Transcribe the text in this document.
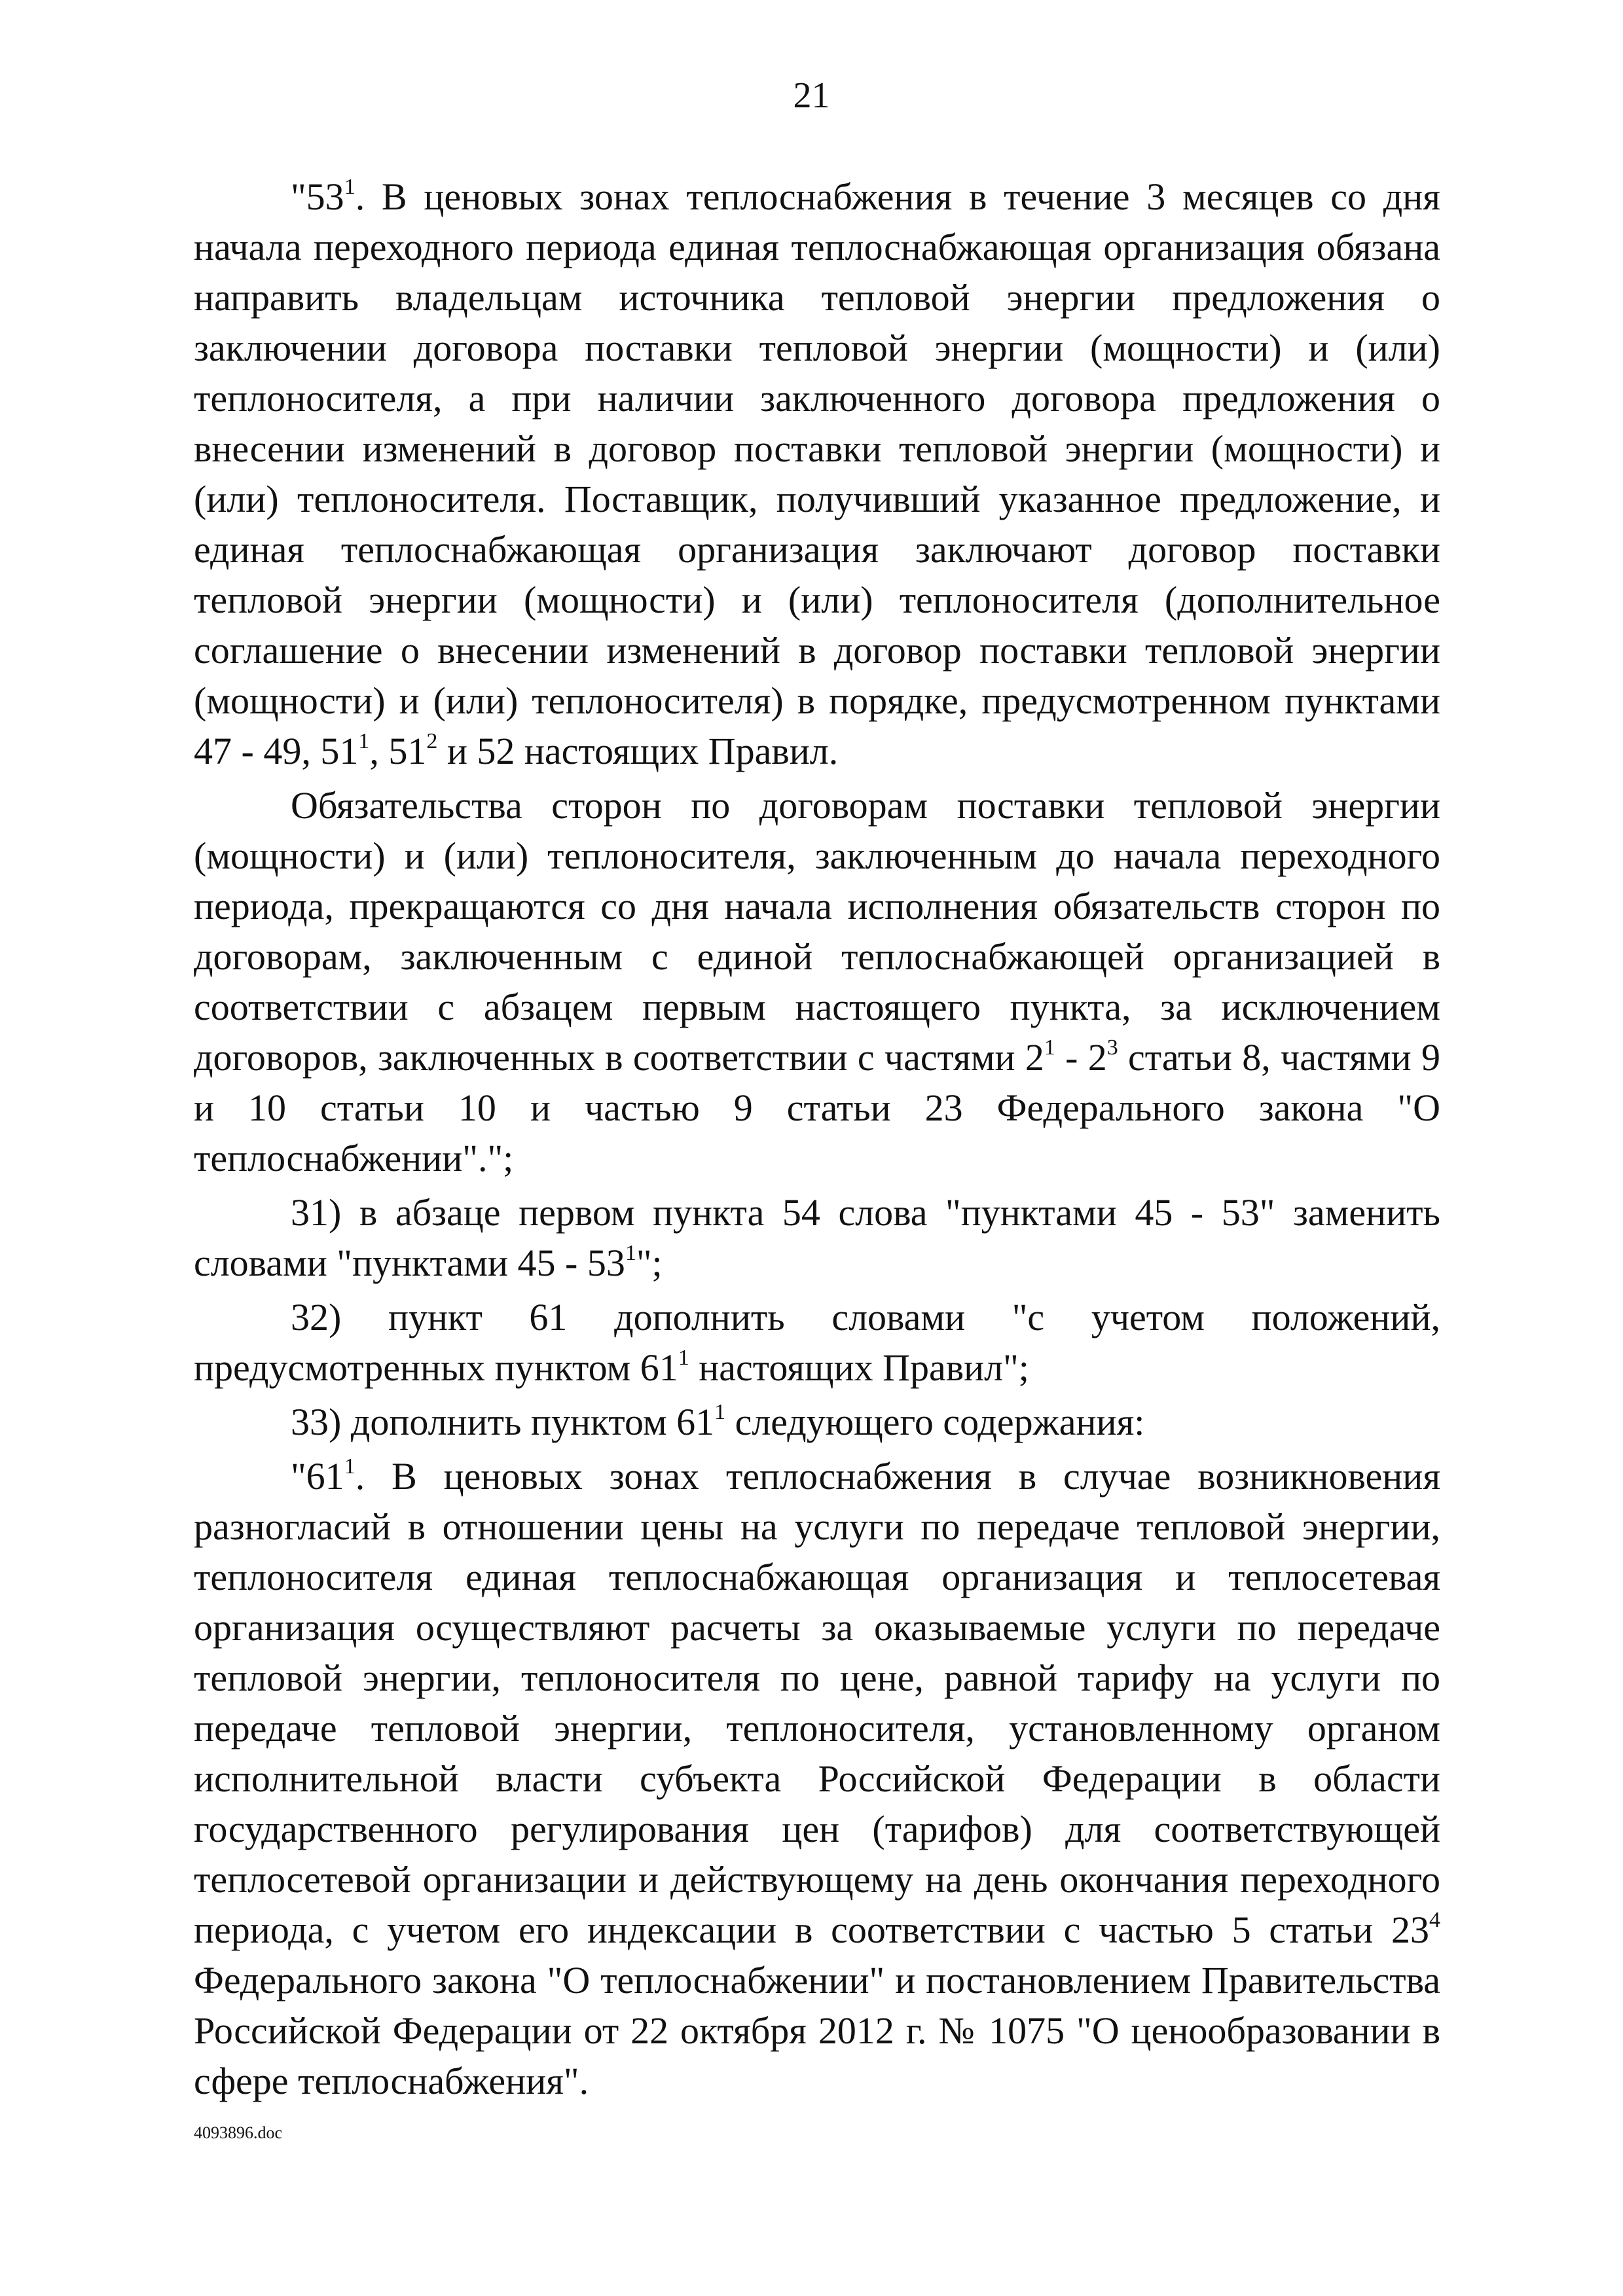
21

"$53^1$. В ценовых зонах теплоснабжения в течение 3 месяцев со дня начала переходного периода единая теплоснабжающая организация обязана направить владельцам источника тепловой энергии предложения о заключении договора поставки тепловой энергии (мощности) и (или) теплоносителя, а при наличии заключенного договора предложения о внесении изменений в договор поставки тепловой энергии (мощности) и (или) теплоносителя. Поставщик, получивший указанное предложение, и единая теплоснабжающая организация заключают договор поставки тепловой энергии (мощности) и (или) теплоносителя (дополнительное соглашение о внесении изменений в договор поставки тепловой энергии (мощности) и (или) теплоносителя) в порядке, предусмотренном пунктами 47 - 49, $51^1$, $51^2$ и 52 настоящих Правил.

Обязательства сторон по договорам поставки тепловой энергии (мощности) и (или) теплоносителя, заключенным до начала переходного периода, прекращаются со дня начала исполнения обязательств сторон по договорам, заключенным с единой теплоснабжающей организацией в соответствии с абзацем первым настоящего пункта, за исключением договоров, заключенных в соответствии с частями $2^1 - 2^3$ статьи 8, частями 9 и 10 статьи 10 и частью 9 статьи 23 Федерального закона "О теплоснабжении".";

31) в абзаце первом пункта 54 слова "пунктами 45 - 53" заменить словами "пунктами $45 - 53^1$";

32) пункт 61 дополнить словами "с учетом положений, предусмотренных пунктом $61^1$ настоящих Правил";

33) дополнить пунктом $61^1$ следующего содержания:

"$61^1$. В ценовых зонах теплоснабжения в случае возникновения разногласий в отношении цены на услуги по передаче тепловой энергии, теплоносителя единая теплоснабжающая организация и теплосетевая организация осуществляют расчеты за оказываемые услуги по передаче тепловой энергии, теплоносителя по цене, равной тарифу на услуги по передаче тепловой энергии, теплоносителя, установленному органом исполнительной власти субъекта Российской Федерации в области государственного регулирования цен (тарифов) для соответствующей теплосетевой организации и действующему на день окончания переходного периода, с учетом его индексации в соответствии с частью 5 статьи $23^4$ Федерального закона "О теплоснабжении" и постановлением Правительства Российской Федерации от 22 октября 2012 г. № 1075 "О ценообразовании в сфере теплоснабжения".

4093896.doc
